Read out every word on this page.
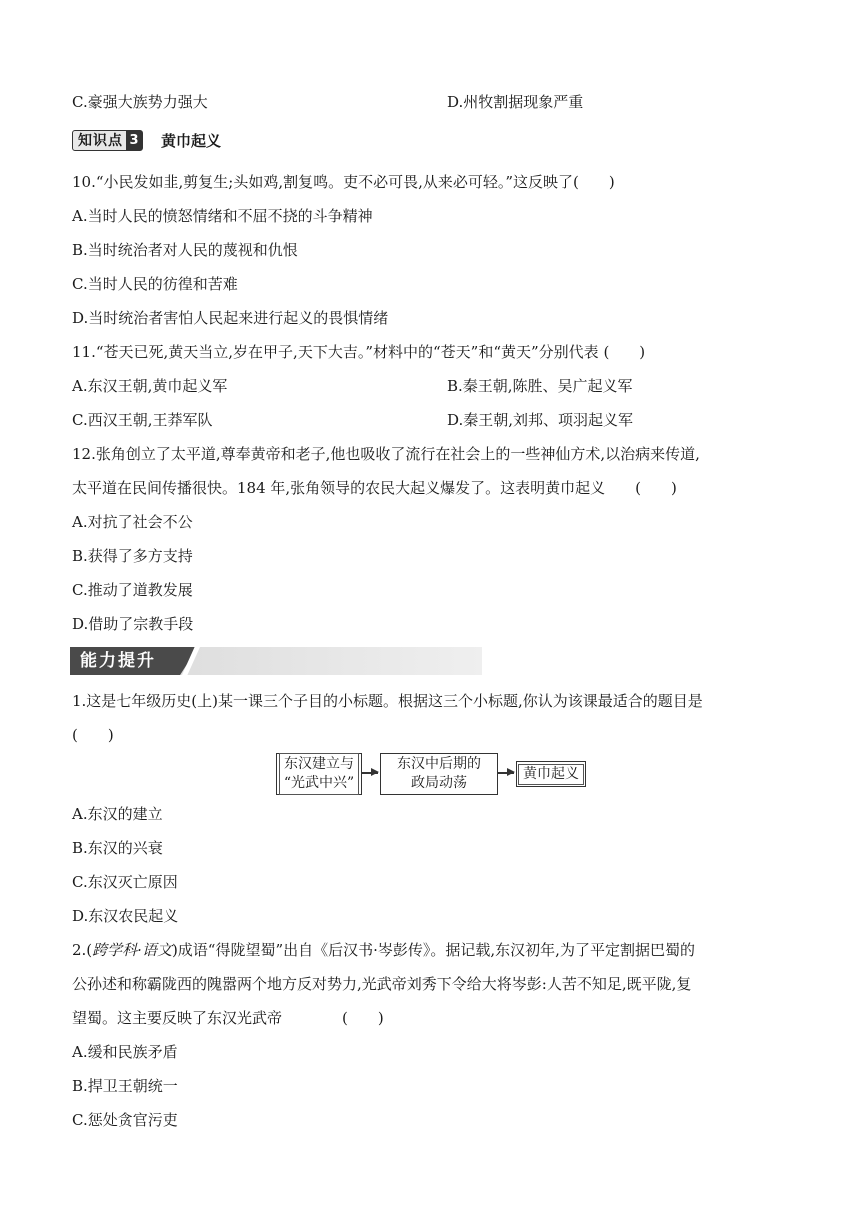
C.豪强大族势力强大	D.州牧割据现象严重
知识点 3 黄巾起义
10.“小民发如韭,剪复生;头如鸡,割复鸣。吏不必可畏,从来必可轻。”这反映了(　　)
A.当时人民的愤怒情绪和不屈不挠的斗争精神
B.当时统治者对人民的蔑视和仇恨
C.当时人民的彷徨和苦难
D.当时统治者害怕人民起来进行起义的畏惧情绪
11.“苍天已死,黄天当立,岁在甲子,天下大吉。”材料中的“苍天”和“黄天”分别代表 (　　)
A.东汉王朝,黄巾起义军	B.秦王朝,陈胜、吴广起义军
C.西汉王朝,王莽军队	D.秦王朝,刘邦、项羽起义军
12.张角创立了太平道,尊奉黄帝和老子,他也吸收了流行在社会上的一些神仙方术,以治病来传道,
太平道在民间传播很快。184 年,张角领导的农民大起义爆发了。这表明黄巾起义　　(　　)
A.对抗了社会不公
B.获得了多方支持
C.推动了道教发展
D.借助了宗教手段
能力提升
1.这是七年级历史(上)某一课三个子目的小标题。根据这三个小标题,你认为该课最适合的题目是
(　　)
东汉建立与
“光武中兴”
东汉中后期的
政局动荡
黄巾起义
A.东汉的建立
B.东汉的兴衰
C.东汉灭亡原因
D.东汉农民起义
2.(跨学科·语文)成语“得陇望蜀”出自《后汉书·岑彭传》。据记载,东汉初年,为了平定割据巴蜀的
公孙述和称霸陇西的隗嚣两个地方反对势力,光武帝刘秀下令给大将岑彭:人苦不知足,既平陇,复
望蜀。这主要反映了东汉光武帝　　　　(　　)
A.缓和民族矛盾
B.捍卫王朝统一
C.惩处贪官污吏
